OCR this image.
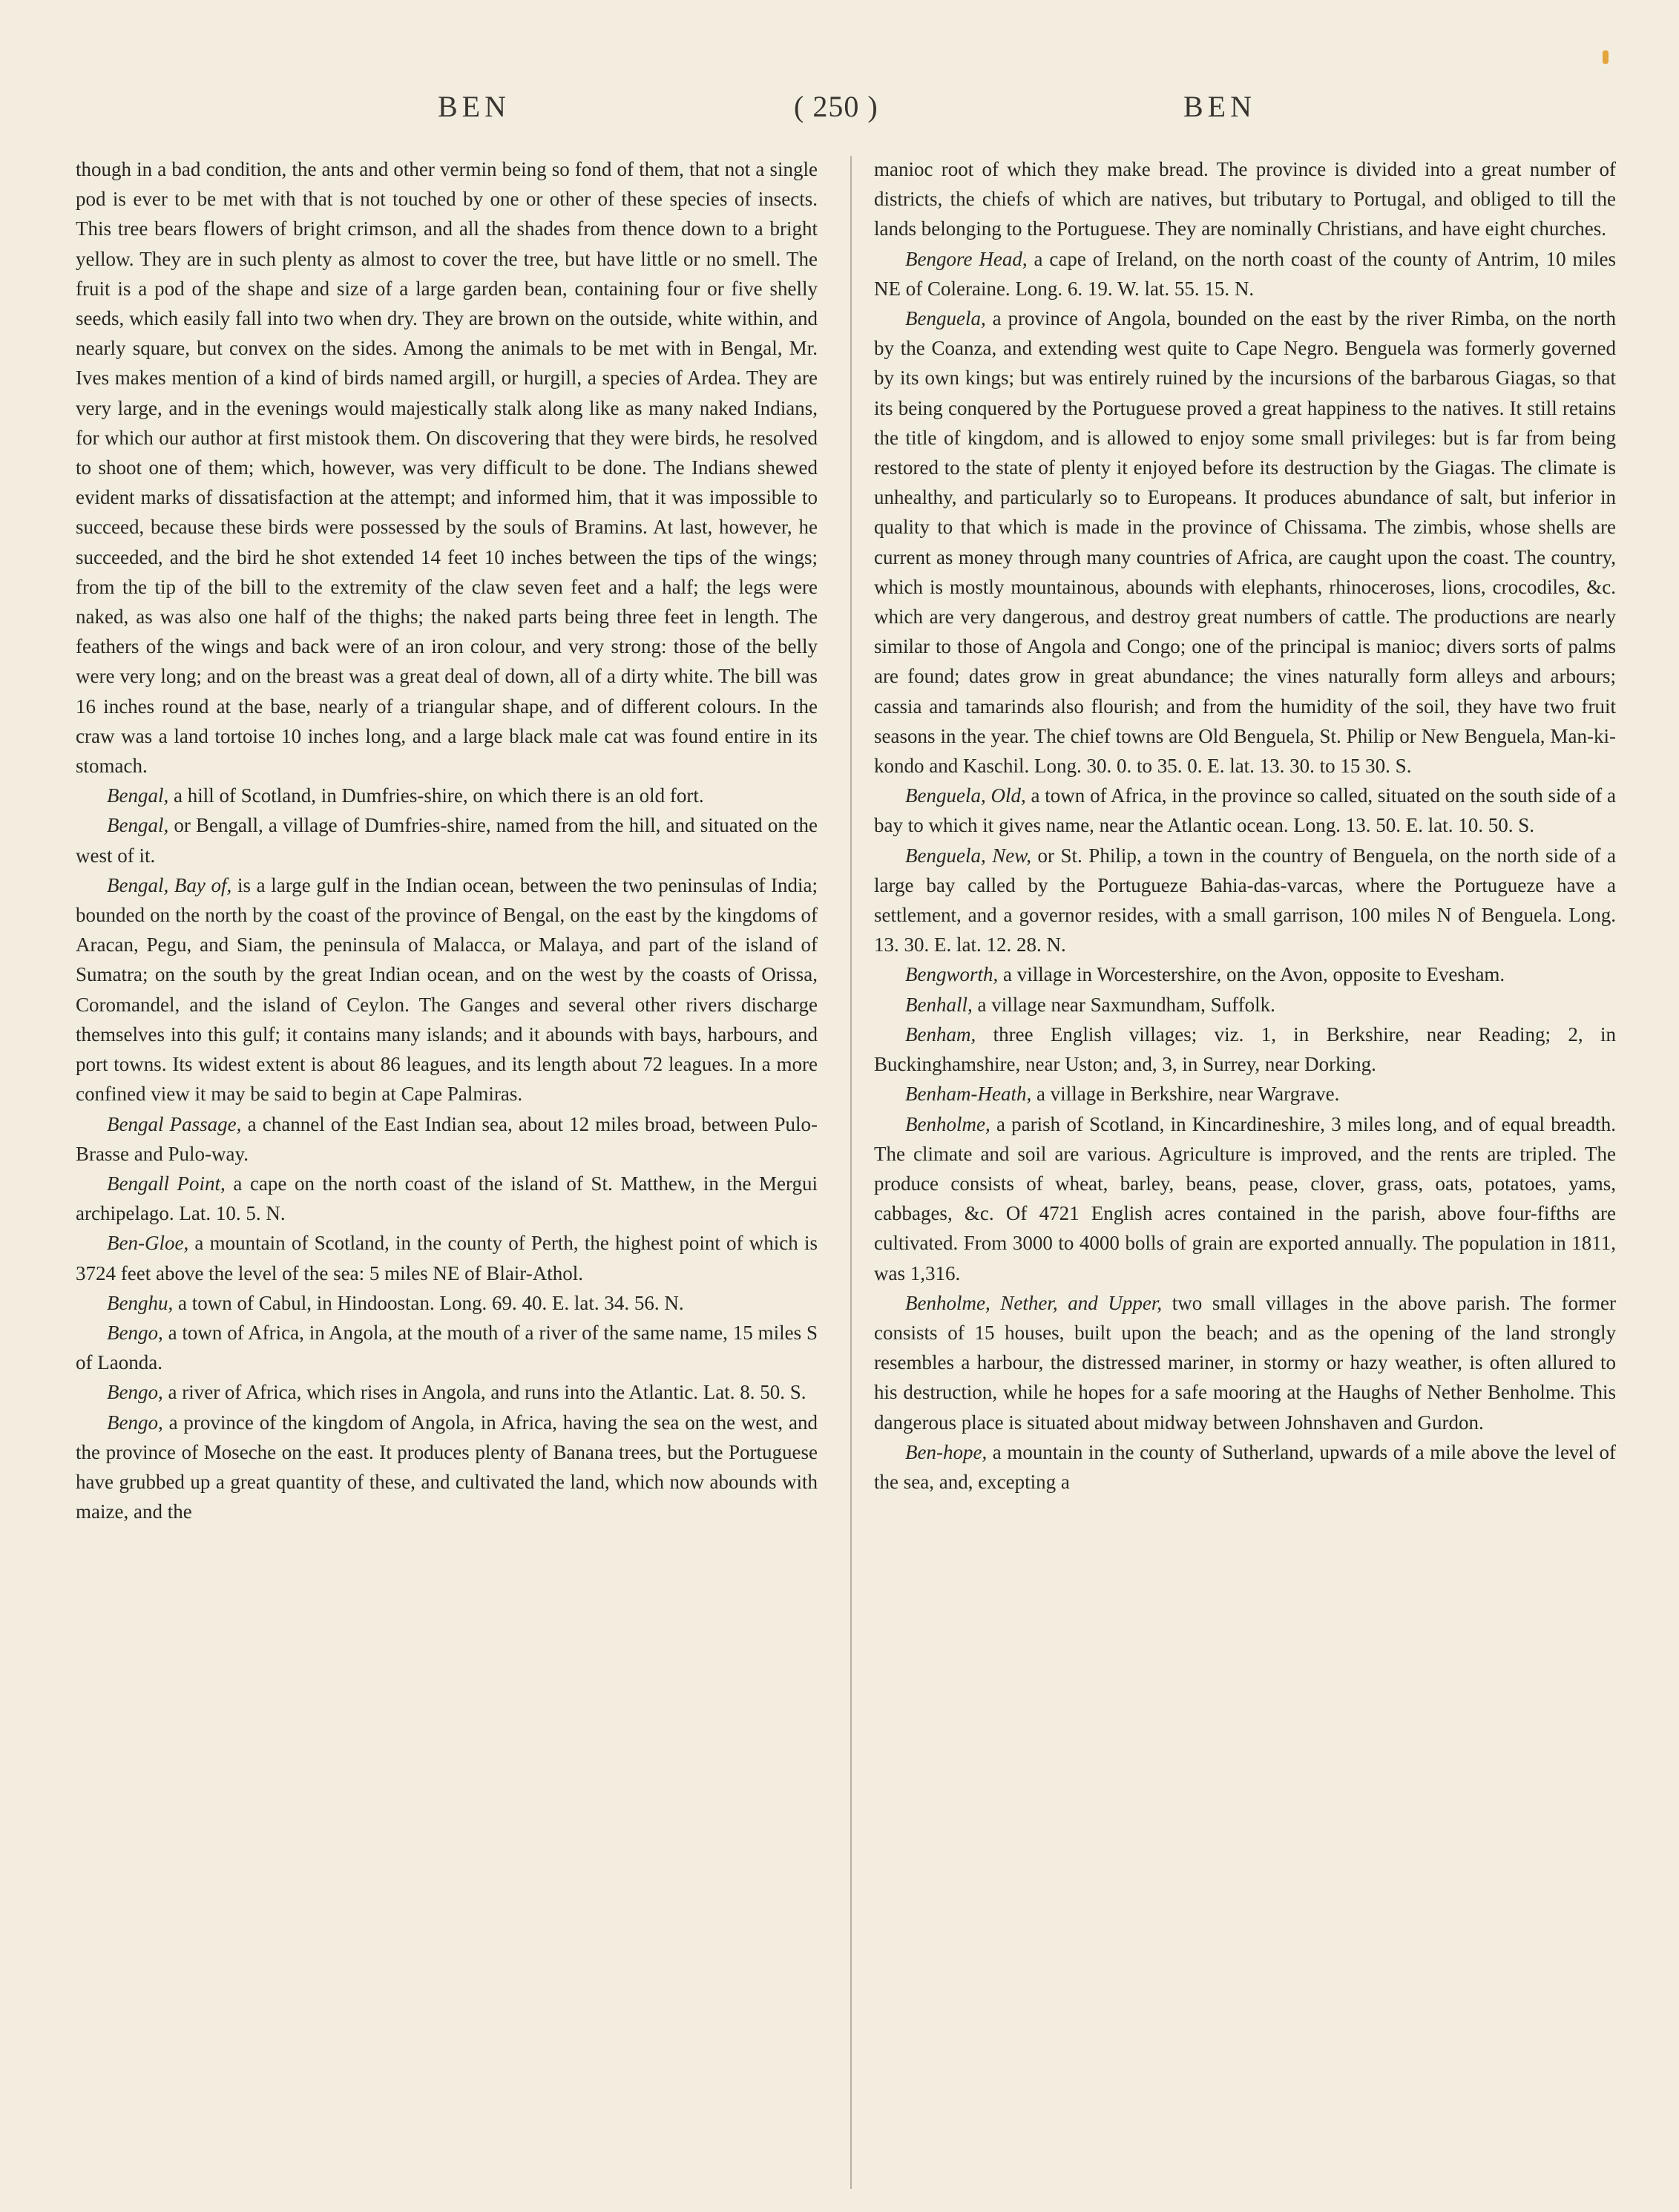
BEN	( 250 )	BEN

though in a bad condition, the ants and other vermin being so fond of them, that not a single pod is ever to be met with that is not touched by one or other of these species of insects. This tree bears flowers of bright crimson, and all the shades from thence down to a bright yellow. They are in such plenty as almost to cover the tree, but have little or no smell. The fruit is a pod of the shape and size of a large garden bean, containing four or five shelly seeds, which easily fall into two when dry. They are brown on the outside, white within, and nearly square, but convex on the sides. Among the animals to be met with in Bengal, Mr. Ives makes mention of a kind of birds named argill, or hurgill, a species of Ardea. They are very large, and in the evenings would majestically stalk along like as many naked Indians, for which our author at first mistook them. On discovering that they were birds, he resolved to shoot one of them; which, however, was very difficult to be done. The Indians shewed evident marks of dissatisfaction at the attempt; and informed him, that it was impossible to succeed, because these birds were possessed by the souls of Bramins. At last, however, he succeeded, and the bird he shot extended 14 feet 10 inches between the tips of the wings; from the tip of the bill to the extremity of the claw seven feet and a half; the legs were naked, as was also one half of the thighs; the naked parts being three feet in length. The feathers of the wings and back were of an iron colour, and very strong: those of the belly were very long; and on the breast was a great deal of down, all of a dirty white. The bill was 16 inches round at the base, nearly of a triangular shape, and of different colours. In the craw was a land tortoise 10 inches long, and a large black male cat was found entire in its stomach.

Bengal, a hill of Scotland, in Dumfries-shire, on which there is an old fort.

Bengal, or Bengall, a village of Dumfries-shire, named from the hill, and situated on the west of it.

Bengal, Bay of, is a large gulf in the Indian ocean, between the two peninsulas of India; bounded on the north by the coast of the province of Bengal, on the east by the kingdoms of Aracan, Pegu, and Siam, the peninsula of Malacca, or Malaya, and part of the island of Sumatra; on the south by the great Indian ocean, and on the west by the coasts of Orissa, Coromandel, and the island of Ceylon. The Ganges and several other rivers discharge themselves into this gulf; it contains many islands; and it abounds with bays, harbours, and port towns. Its widest extent is about 86 leagues, and its length about 72 leagues. In a more confined view it may be said to begin at Cape Palmiras.

Bengal Passage, a channel of the East Indian sea, about 12 miles broad, between Pulo-Brasse and Pulo-way.

Bengall Point, a cape on the north coast of the island of St. Matthew, in the Mergui archipelago. Lat. 10. 5. N.

Ben-Gloe, a mountain of Scotland, in the county of Perth, the highest point of which is 3724 feet above the level of the sea: 5 miles NE of Blair-Athol.

Benghu, a town of Cabul, in Hindoostan. Long. 69. 40. E. lat. 34. 56. N.

Bengo, a town of Africa, in Angola, at the mouth of a river of the same name, 15 miles S of Laonda.

Bengo, a river of Africa, which rises in Angola, and runs into the Atlantic. Lat. 8. 50. S.

Bengo, a province of the kingdom of Angola, in Africa, having the sea on the west, and the province of Moseche on the east. It produces plenty of Banana trees, but the Portuguese have grubbed up a great quantity of these, and cultivated the land, which now abounds with maize, and the

manioc root of which they make bread. The province is divided into a great number of districts, the chiefs of which are natives, but tributary to Portugal, and obliged to till the lands belonging to the Portuguese. They are nominally Christians, and have eight churches.

Bengore Head, a cape of Ireland, on the north coast of the county of Antrim, 10 miles NE of Coleraine. Long. 6. 19. W. lat. 55. 15. N.

Benguela, a province of Angola, bounded on the east by the river Rimba, on the north by the Coanza, and extending west quite to Cape Negro. Benguela was formerly governed by its own kings; but was entirely ruined by the incursions of the barbarous Giagas, so that its being conquered by the Portuguese proved a great happiness to the natives. It still retains the title of kingdom, and is allowed to enjoy some small privileges: but is far from being restored to the state of plenty it enjoyed before its destruction by the Giagas. The climate is unhealthy, and particularly so to Europeans. It produces abundance of salt, but inferior in quality to that which is made in the province of Chissama. The zimbis, whose shells are current as money through many countries of Africa, are caught upon the coast. The country, which is mostly mountainous, abounds with elephants, rhinoceroses, lions, crocodiles, &c. which are very dangerous, and destroy great numbers of cattle. The productions are nearly similar to those of Angola and Congo; one of the principal is manioc; divers sorts of palms are found; dates grow in great abundance; the vines naturally form alleys and arbours; cassia and tamarinds also flourish; and from the humidity of the soil, they have two fruit seasons in the year. The chief towns are Old Benguela, St. Philip or New Benguela, Man-ki-kondo and Kaschil. Long. 30. 0. to 35. 0. E. lat. 13. 30. to 15 30. S.

Benguela, Old, a town of Africa, in the province so called, situated on the south side of a bay to which it gives name, near the Atlantic ocean. Long. 13. 50. E. lat. 10. 50. S.

Benguela, New, or St. Philip, a town in the country of Benguela, on the north side of a large bay called by the Portugueze Bahia-das-varcas, where the Portugueze have a settlement, and a governor resides, with a small garrison, 100 miles N of Benguela. Long. 13. 30. E. lat. 12. 28. N.

Bengworth, a village in Worcestershire, on the Avon, opposite to Evesham.

Benhall, a village near Saxmundham, Suffolk.

Benham, three English villages; viz. 1, in Berkshire, near Reading; 2, in Buckinghamshire, near Uston; and, 3, in Surrey, near Dorking.

Benham-Heath, a village in Berkshire, near Wargrave.

Benholme, a parish of Scotland, in Kincardineshire, 3 miles long, and of equal breadth. The climate and soil are various. Agriculture is improved, and the rents are tripled. The produce consists of wheat, barley, beans, pease, clover, grass, oats, potatoes, yams, cabbages, &c. Of 4721 English acres contained in the parish, above four-fifths are cultivated. From 3000 to 4000 bolls of grain are exported annually. The population in 1811, was 1,316.

Benholme, Nether, and Upper, two small villages in the above parish. The former consists of 15 houses, built upon the beach; and as the opening of the land strongly resembles a harbour, the distressed mariner, in stormy or hazy weather, is often allured to his destruction, while he hopes for a safe mooring at the Haughs of Nether Benholme. This dangerous place is situated about midway between Johnshaven and Gurdon.

Ben-hope, a mountain in the county of Sutherland, upwards of a mile above the level of the sea, and, excepting a
